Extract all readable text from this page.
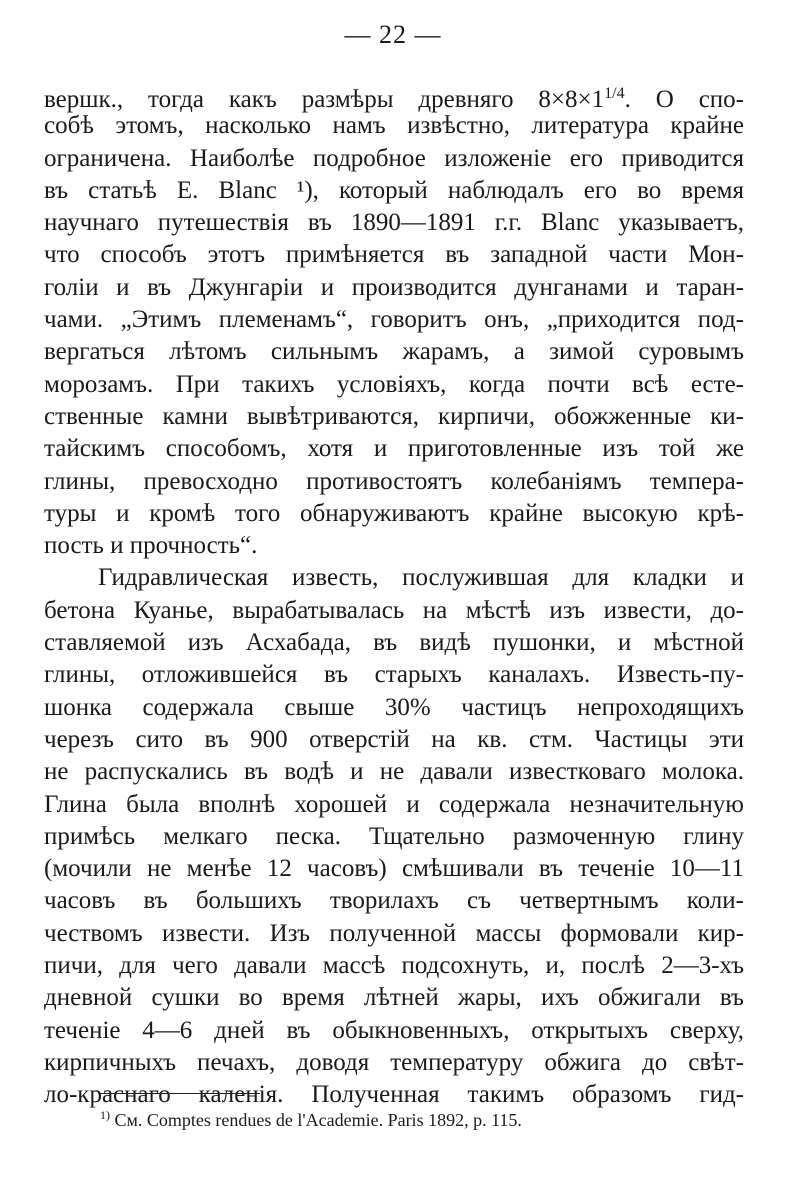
— 22 —
вершк., тогда какъ размѣры древняго $8\times 8\times 1^{1/4}$. О спо-
собѣ этомъ, насколько намъ извѣстно, литература крайне
ограничена. Наиболѣе подробное изложеніе его приводится
въ статьѣ E. Blanc ¹), который наблюдалъ его во время
научнаго путешествія въ 1890—1891 г.г. Blanc указываетъ,
что способъ этотъ примѣняется въ западной части Мон-
голіи и въ Джунгаріи и производится дунганами и таран-
чами. „Этимъ племенамъ“, говоритъ онъ, „приходится под-
вергаться лѣтомъ сильнымъ жарамъ, а зимой суровымъ
морозамъ. При такихъ условіяхъ, когда почти всѣ есте-
ственные камни вывѣтриваются, кирпичи, обожженные ки-
тайскимъ способомъ, хотя и приготовленные изъ той же
глины, превосходно противостоятъ колебаніямъ темпера-
туры и кромѣ того обнаруживаютъ крайне высокую крѣ-
пость и прочность“.
Гидравлическая известь, послужившая для кладки и
бетона Куанье, вырабатывалась на мѣстѣ изъ извести, до-
ставляемой изъ Асхабада, въ видѣ пушонки, и мѣстной
глины, отложившейся въ старыхъ каналахъ. Известь-пу-
шонка содержала свыше 30% частицъ непроходящихъ
черезъ сито въ 900 отверстій на кв. стм. Частицы эти
не распускались въ водѣ и не давали известковаго молока.
Глина была вполнѣ хорошей и содержала незначительную
примѣсь мелкаго песка. Тщательно размоченную глину
(мочили не менѣе 12 часовъ) смѣшивали въ теченіе 10—11
часовъ въ большихъ творилахъ съ четвертнымъ коли-
чествомъ извести. Изъ полученной массы формовали кир-
пичи, для чего давали массѣ подсохнуть, и, послѣ 2—3-хъ
дневной сушки во время лѣтней жары, ихъ обжигали въ
теченіе 4—6 дней въ обыкновенныхъ, открытыхъ сверху,
кирпичныхъ печахъ, доводя температуру обжига до свѣт-
ло-краснаго каленія. Полученная такимъ образомъ гид-
$^{1)}$ См. Comptes rendues de l'Academie. Paris 1892, p. 115.
